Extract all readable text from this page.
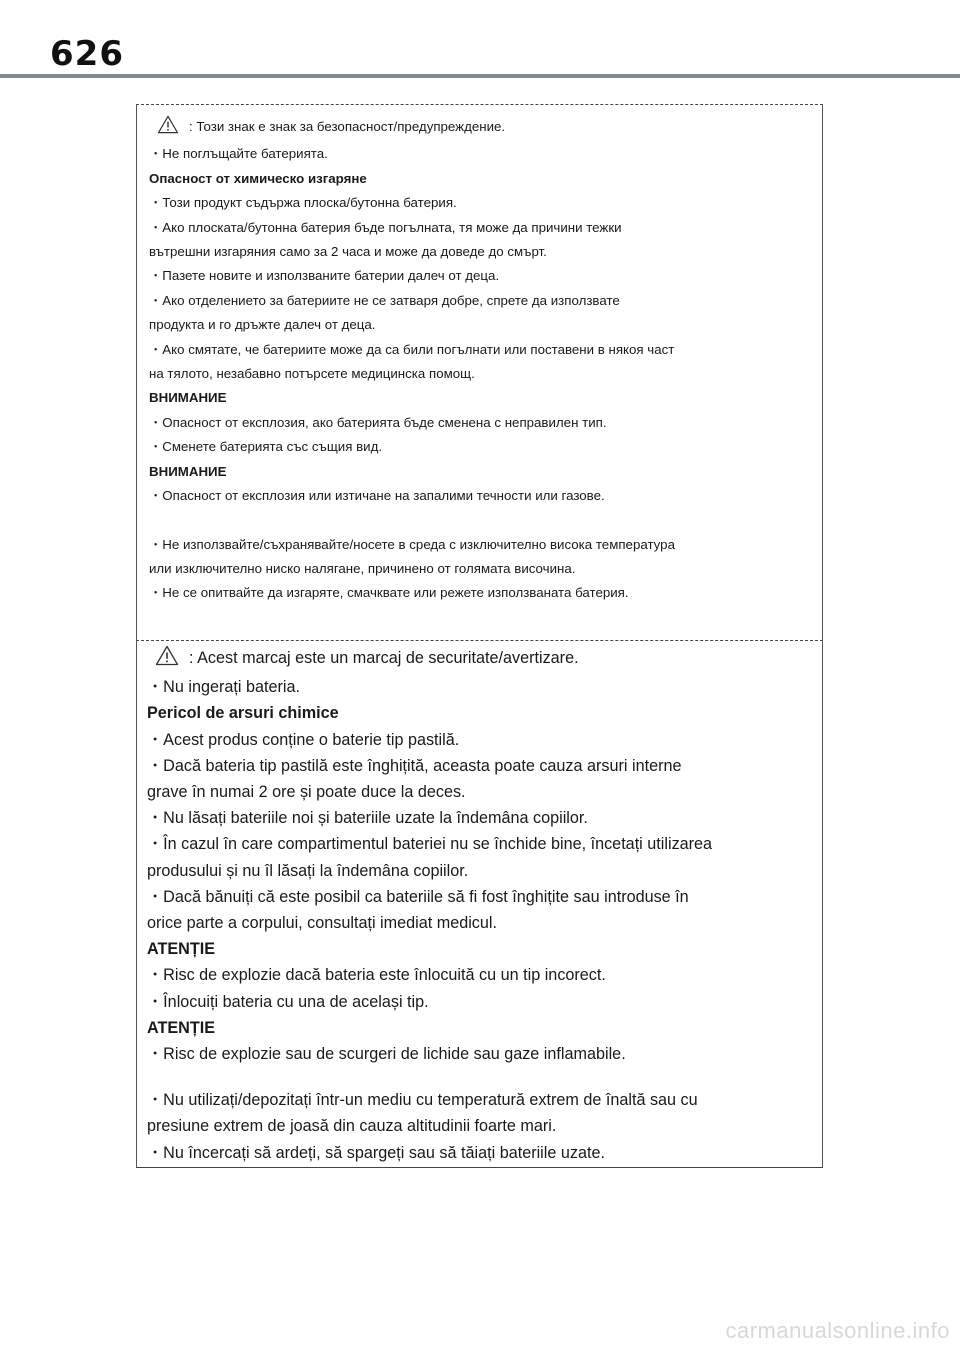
626
: Този знак е знак за безопасност/предупреждение.
・Не поглъщайте батерията.
Опасност от химическо изгаряне
・Този продукт съдържа плоска/бутонна батерия.
・Ако плоската/бутонна батерия бъде погълната, тя може да причини тежки
вътрешни изгаряния само за 2 часа и може да доведе до смърт.
・Пазете новите и използваните батерии далеч от деца.
・Ако отделението за батериите не се затваря добре, спрете да използвате
продукта и го дръжте далеч от деца.
・Ако смятате, че батериите може да са били погълнати или поставени в някоя част
на тялото, незабавно потърсете медицинска помощ.
ВНИМАНИЕ
・Опасност от експлозия, ако батерията бъде сменена с неправилен тип.
・Сменете батерията със същия вид.
ВНИМАНИЕ
・Опасност от експлозия или изтичане на запалими течности или газове.
・Не използвайте/съхранявайте/носете в среда с изключително висока температура
или изключително ниско налягане, причинено от голямата височина.
・Не се опитвайте да изгаряте, смачквате или режете използваната батерия.
: Acest marcaj este un marcaj de securitate/avertizare.
・Nu ingerați bateria.
Pericol de arsuri chimice
・Acest produs conține o baterie tip pastilă.
・Dacă bateria tip pastilă este înghițită, aceasta poate cauza arsuri interne
grave în numai 2 ore și poate duce la deces.
・Nu lăsați bateriile noi și bateriile uzate la îndemâna copiilor.
・În cazul în care compartimentul bateriei nu se închide bine, încetați utilizarea
produsului și nu îl lăsați la îndemâna copiilor.
・Dacă bănuiți că este posibil ca bateriile să fi fost înghițite sau introduse în
orice parte a corpului, consultați imediat medicul.
ATENȚIE
・Risc de explozie dacă bateria este înlocuită cu un tip incorect.
・Înlocuiți bateria cu una de același tip.
ATENȚIE
・Risc de explozie sau de scurgeri de lichide sau gaze inflamabile.
・Nu utilizați/depozitați într-un mediu cu temperatură extrem de înaltă sau cu
presiune extrem de joasă din cauza altitudinii foarte mari.
・Nu încercați să ardeți, să spargeți sau să tăiați bateriile uzate.
carmanualsonline.info
